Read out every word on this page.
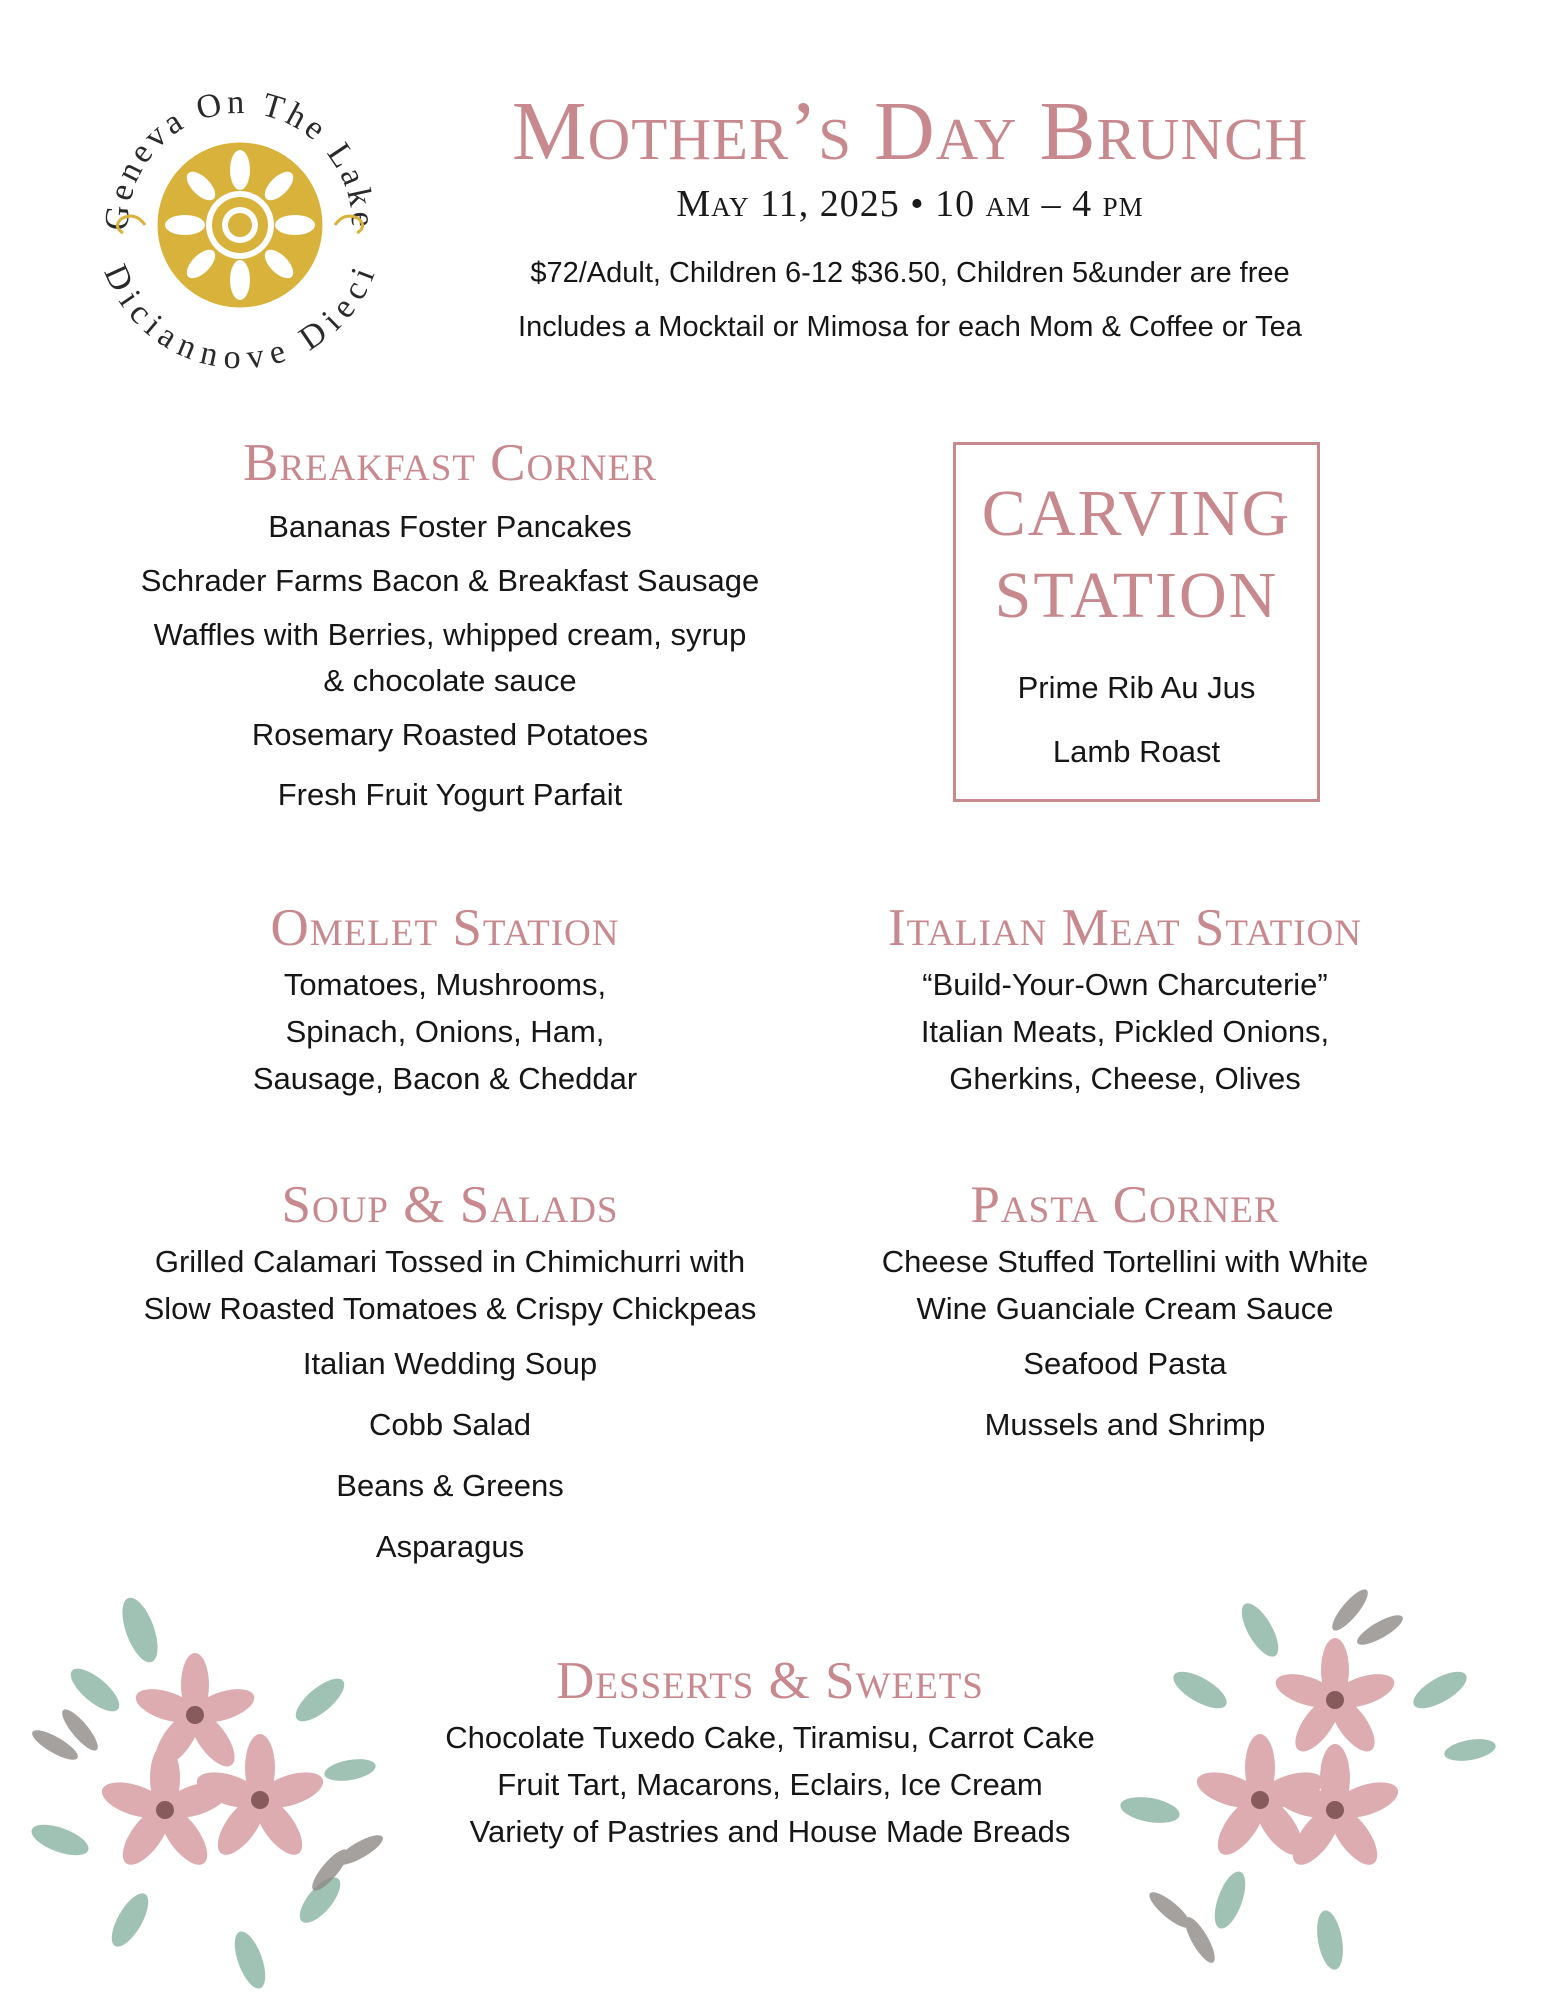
Geneva On The Lake
Diciannove Dieci
Mother’s Day Brunch
May 11, 2025 • 10 am – 4 pm
$72/Adult, Children 6-12 $36.50, Children 5&under are free
Includes a Mocktail or Mimosa for each Mom & Coffee or Tea
Breakfast Corner

Bananas Foster Pancakes

Schrader Farms Bacon & Breakfast Sausage

Waffles with Berries, whipped cream, syrup

& chocolate sauce

Rosemary Roasted Potatoes

Fresh Fruit Yogurt Parfait

CARVING STATION

Prime Rib Au Jus

Lamb Roast

Omelet Station

Tomatoes, Mushrooms,

Spinach, Onions, Ham,

Sausage, Bacon & Cheddar

Italian Meat Station

“Build-Your-Own Charcuterie”

Italian Meats, Pickled Onions,

Gherkins, Cheese, Olives

Soup & Salads

Grilled Calamari Tossed in Chimichurri with

Slow Roasted Tomatoes & Crispy Chickpeas

Italian Wedding Soup

Cobb Salad

Beans & Greens

Asparagus

Pasta Corner

Cheese Stuffed Tortellini with White

Wine Guanciale Cream Sauce

Seafood Pasta

Mussels and Shrimp

Desserts & Sweets

Chocolate Tuxedo Cake, Tiramisu, Carrot Cake

Fruit Tart, Macarons, Eclairs, Ice Cream

Variety of Pastries and House Made Breads
